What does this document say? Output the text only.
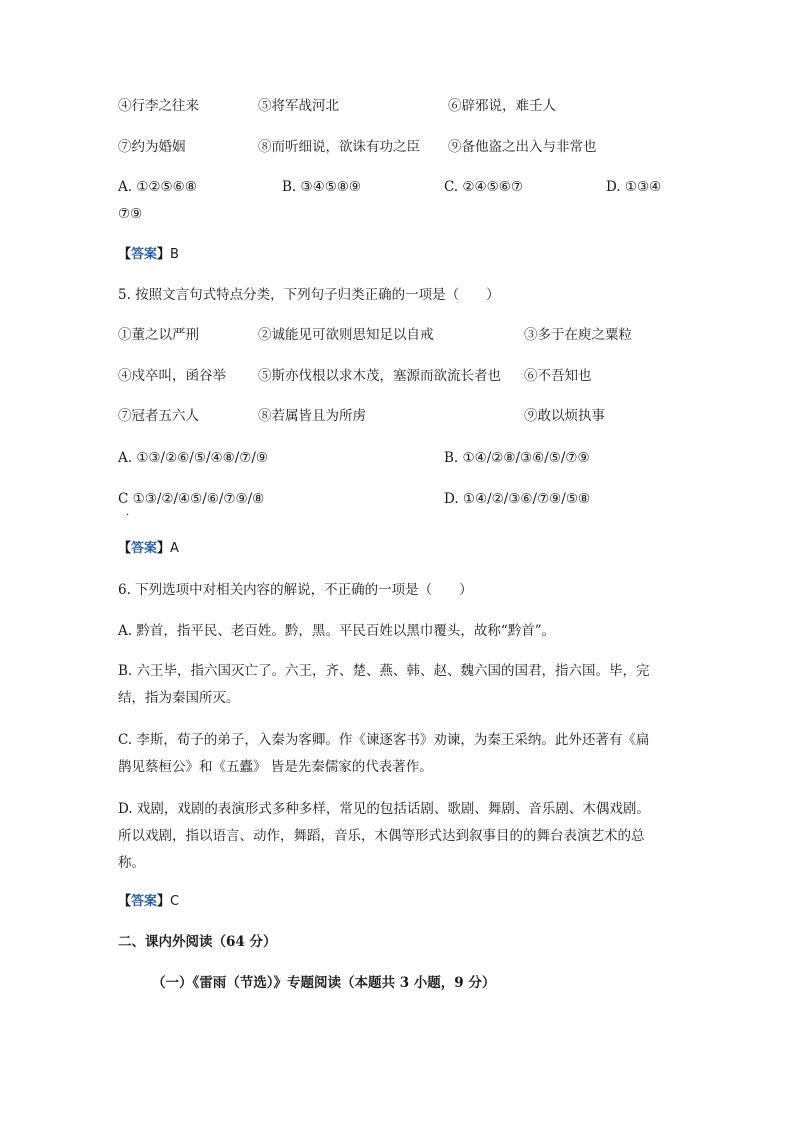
④行李之往来	⑤将军战河北	⑥辟邪说，难壬人
⑦约为婚姻	⑧而听细说，欲诛有功之臣 ⑨备他盗之出入与非常也
A. ①②⑤⑥⑧	B. ③④⑤⑧⑨	C. ②④⑤⑥⑦	D. ①③④
⑦⑨
【答案】B
5. 按照文言句式特点分类，下列句子归类正确的一项是（　　）
①董之以严刑	②诚能见可欲则思知足以自戒	③多于在庾之粟粒
④戍卒叫，函谷举 ⑤斯亦伐根以求木茂，塞源而欲流长者也 ⑥不吾知也
⑦冠者五六人	⑧若属皆且为所虏	⑨敢以烦执事
A. ①③/②⑥/⑤/④⑧/⑦/⑨	B. ①④/②⑧/③⑥/⑤/⑦⑨
C ①③/②/④⑤/⑥/⑦⑨/⑧	D. ①④/②/③⑥/⑦⑨/⑤⑧
·
【答案】A
6. 下列选项中对相关内容的解说，不正确的一项是（　　）
A. 黔首，指平民、老百姓。黔，黑。平民百姓以黑巾覆头，故称“黔首”。
B. 六王毕，指六国灭亡了。六王，齐、楚、燕、韩、赵、魏六国的国君，指六国。毕，完
结，指为秦国所灭。
C. 李斯，荀子的弟子，入秦为客卿。作《谏逐客书》劝谏，为秦王采纳。此外还著有《扁
鹊见蔡桓公》和《五蠹》 皆是先秦儒家的代表著作。
D. 戏剧，戏剧的表演形式多种多样，常见的包括话剧、歌剧、舞剧、音乐剧、木偶戏剧。
所以戏剧，指以语言、动作，舞蹈，音乐，木偶等形式达到叙事目的的舞台表演艺术的总
称。
【答案】C
二、课内外阅读（64 分）
（一）《雷雨（节选）》专题阅读（本题共 3 小题，9 分）
